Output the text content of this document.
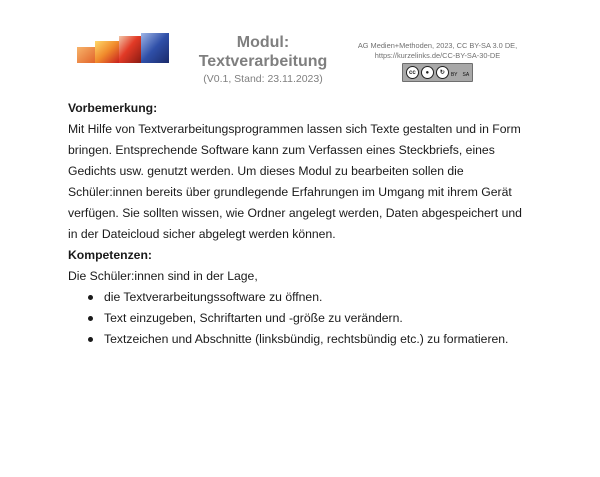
Modul:
Textverarbeitung
(V0.1, Stand: 23.11.2023)
AG Medien+Methoden, 2023, CC BY-SA 3.0 DE,
https://kurzelinks.de/CC-BY-SA-30-DE
cc	●	↻	BY SA

Vorbemerkung:

Mit Hilfe von Textverarbeitungsprogrammen lassen sich Texte gestalten und in Form
bringen. Entsprechende Software kann zum Verfassen eines Steckbriefs, eines
Gedichts usw. genutzt werden. Um dieses Modul zu bearbeiten sollen die
Schüler:innen bereits über grundlegende Erfahrungen im Umgang mit ihrem Gerät
verfügen. Sie sollten wissen, wie Ordner angelegt werden, Daten abgespeichert und
in der Dateicloud sicher abgelegt werden können.

Kompetenzen:

Die Schüler:innen sind in der Lage,

die Textverarbeitungssoftware zu öffnen.
Text einzugeben, Schriftarten und -größe zu verändern.
Textzeichen und Abschnitte (linksbündig, rechtsbündig etc.) zu formatieren.
